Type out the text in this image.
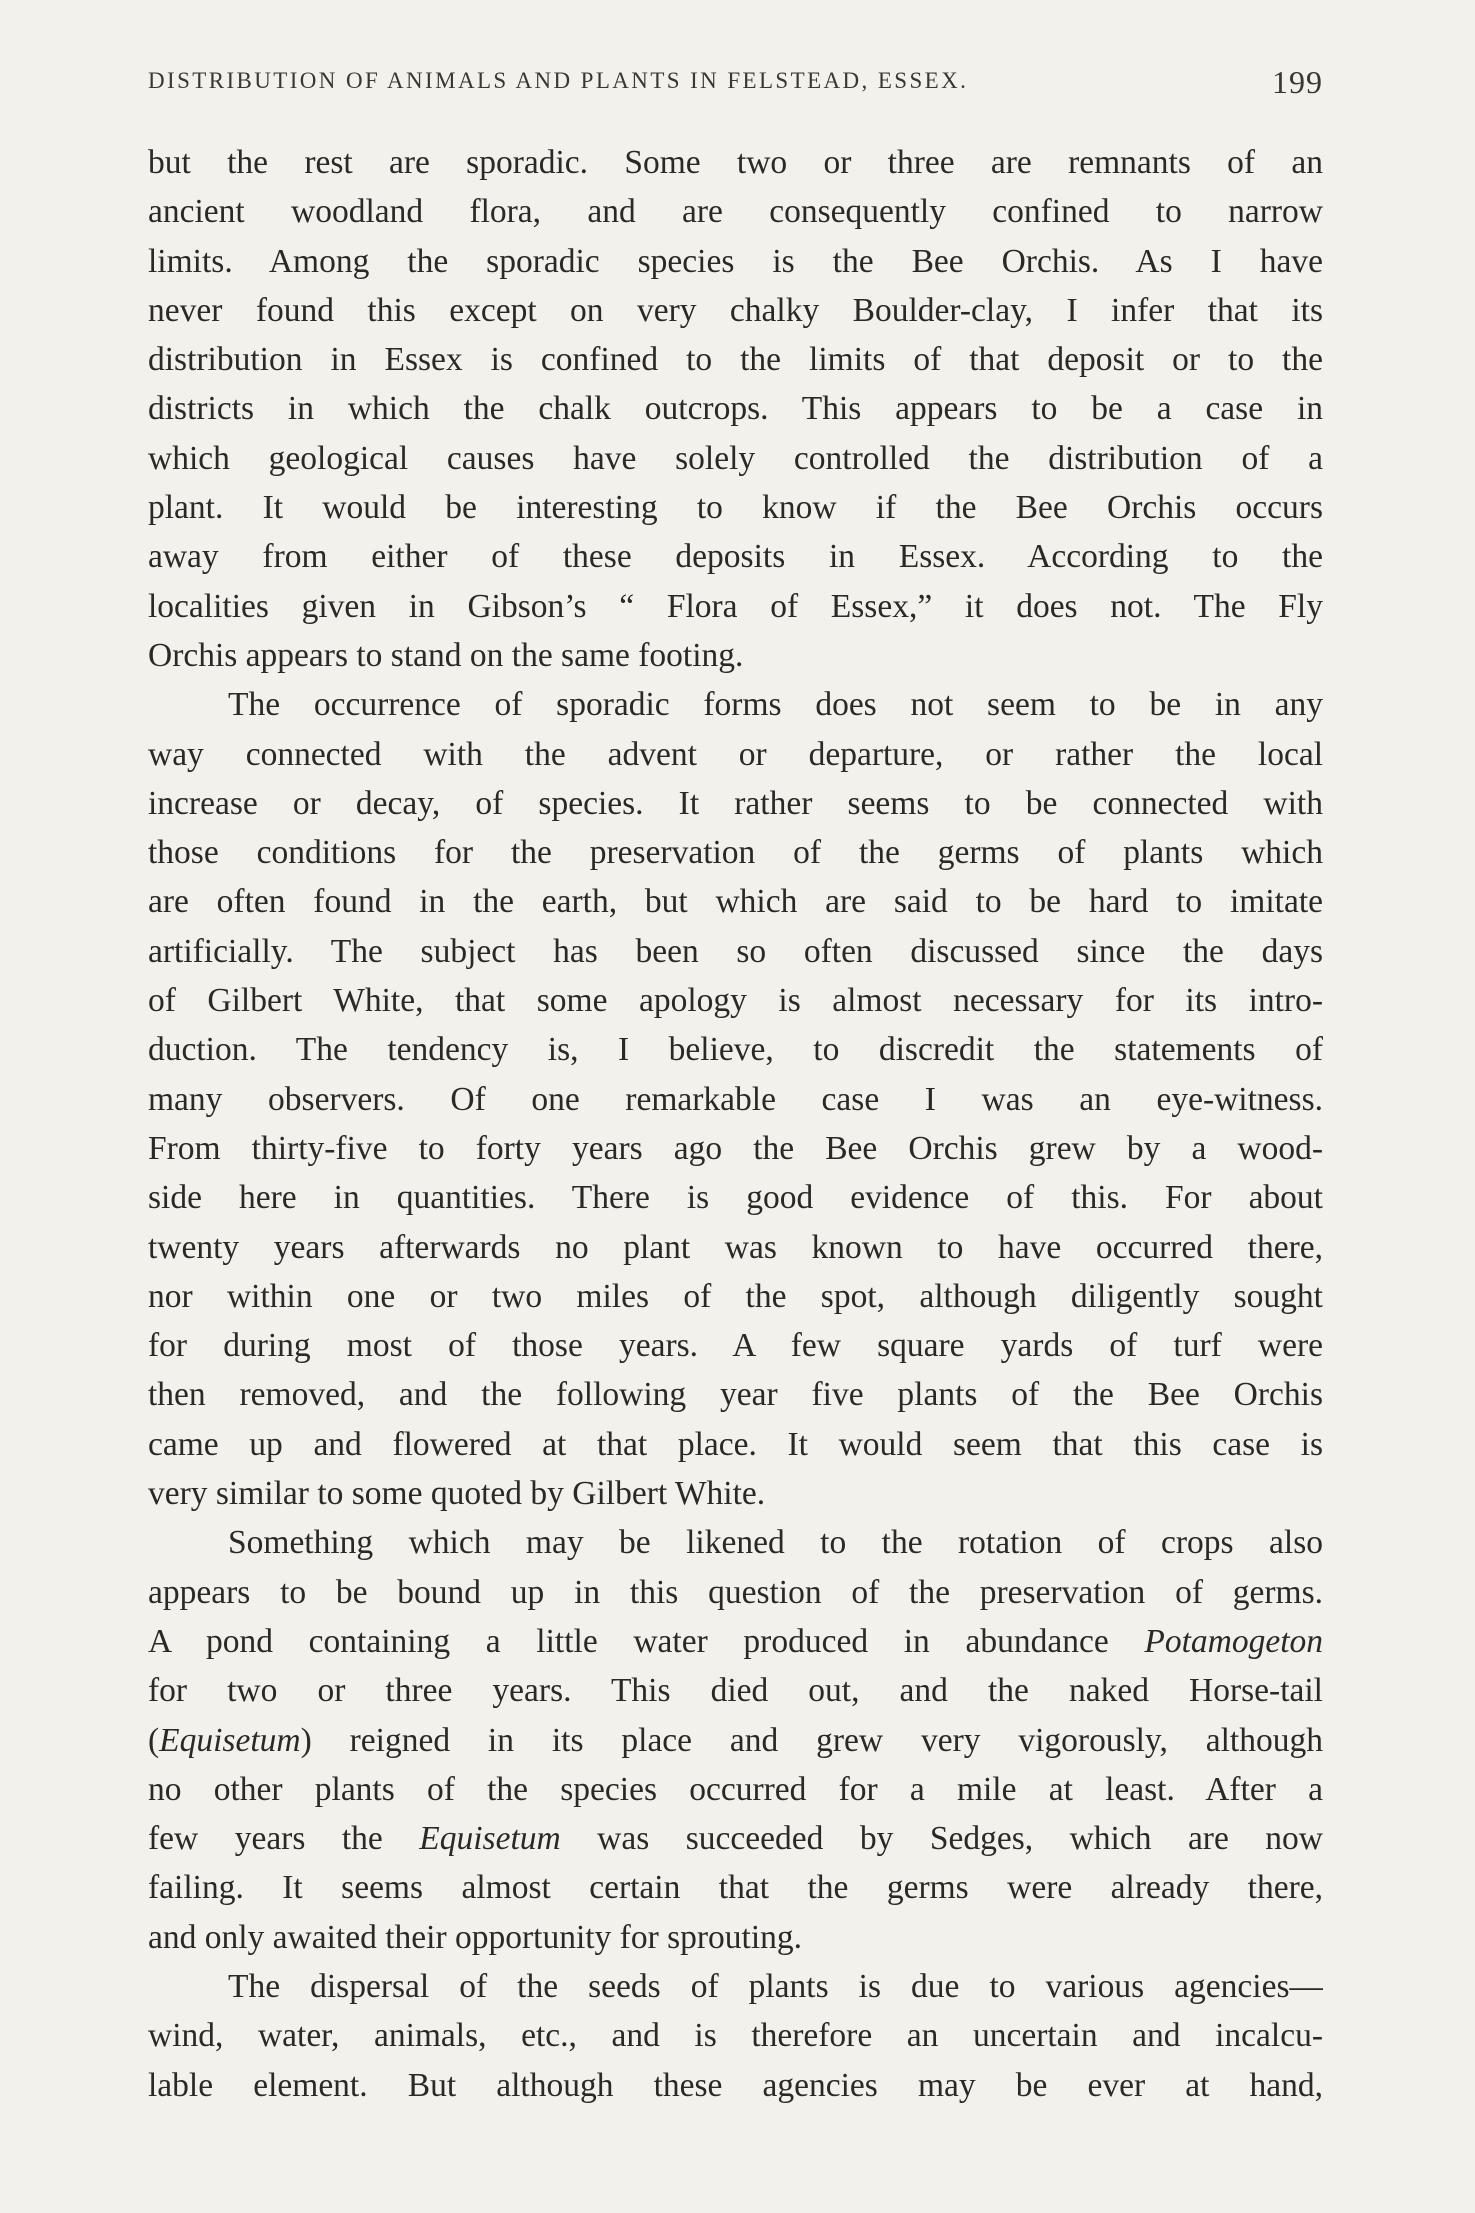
DISTRIBUTION OF ANIMALS AND PLANTS IN FELSTEAD, ESSEX.	199
but the rest are sporadic. Some two or three are remnants of an
ancient woodland flora, and are consequently confined to narrow
limits. Among the sporadic species is the Bee Orchis. As I have
never found this except on very chalky Boulder-clay, I infer that its
distribution in Essex is confined to the limits of that deposit or to the
districts in which the chalk outcrops. This appears to be a case in
which geological causes have solely controlled the distribution of a
plant. It would be interesting to know if the Bee Orchis occurs
away from either of these deposits in Essex. According to the
localities given in Gibson’s “ Flora of Essex,” it does not. The Fly
Orchis appears to stand on the same footing.
The occurrence of sporadic forms does not seem to be in any
way connected with the advent or departure, or rather the local
increase or decay, of species. It rather seems to be connected with
those conditions for the preservation of the germs of plants which
are often found in the earth, but which are said to be hard to imitate
artificially. The subject has been so often discussed since the days
of Gilbert White, that some apology is almost necessary for its intro-
duction. The tendency is, I believe, to discredit the statements of
many observers. Of one remarkable case I was an eye-witness.
From thirty-five to forty years ago the Bee Orchis grew by a wood-
side here in quantities. There is good evidence of this. For about
twenty years afterwards no plant was known to have occurred there,
nor within one or two miles of the spot, although diligently sought
for during most of those years. A few square yards of turf were
then removed, and the following year five plants of the Bee Orchis
came up and flowered at that place. It would seem that this case is
very similar to some quoted by Gilbert White.
Something which may be likened to the rotation of crops also
appears to be bound up in this question of the preservation of germs.
A pond containing a little water produced in abundance Potamogeton
for two or three years. This died out, and the naked Horse-tail
(Equisetum) reigned in its place and grew very vigorously, although
no other plants of the species occurred for a mile at least. After a
few years the Equisetum was succeeded by Sedges, which are now
failing. It seems almost certain that the germs were already there,
and only awaited their opportunity for sprouting.
The dispersal of the seeds of plants is due to various agencies—
wind, water, animals, etc., and is therefore an uncertain and incalcu-
lable element. But although these agencies may be ever at hand,
